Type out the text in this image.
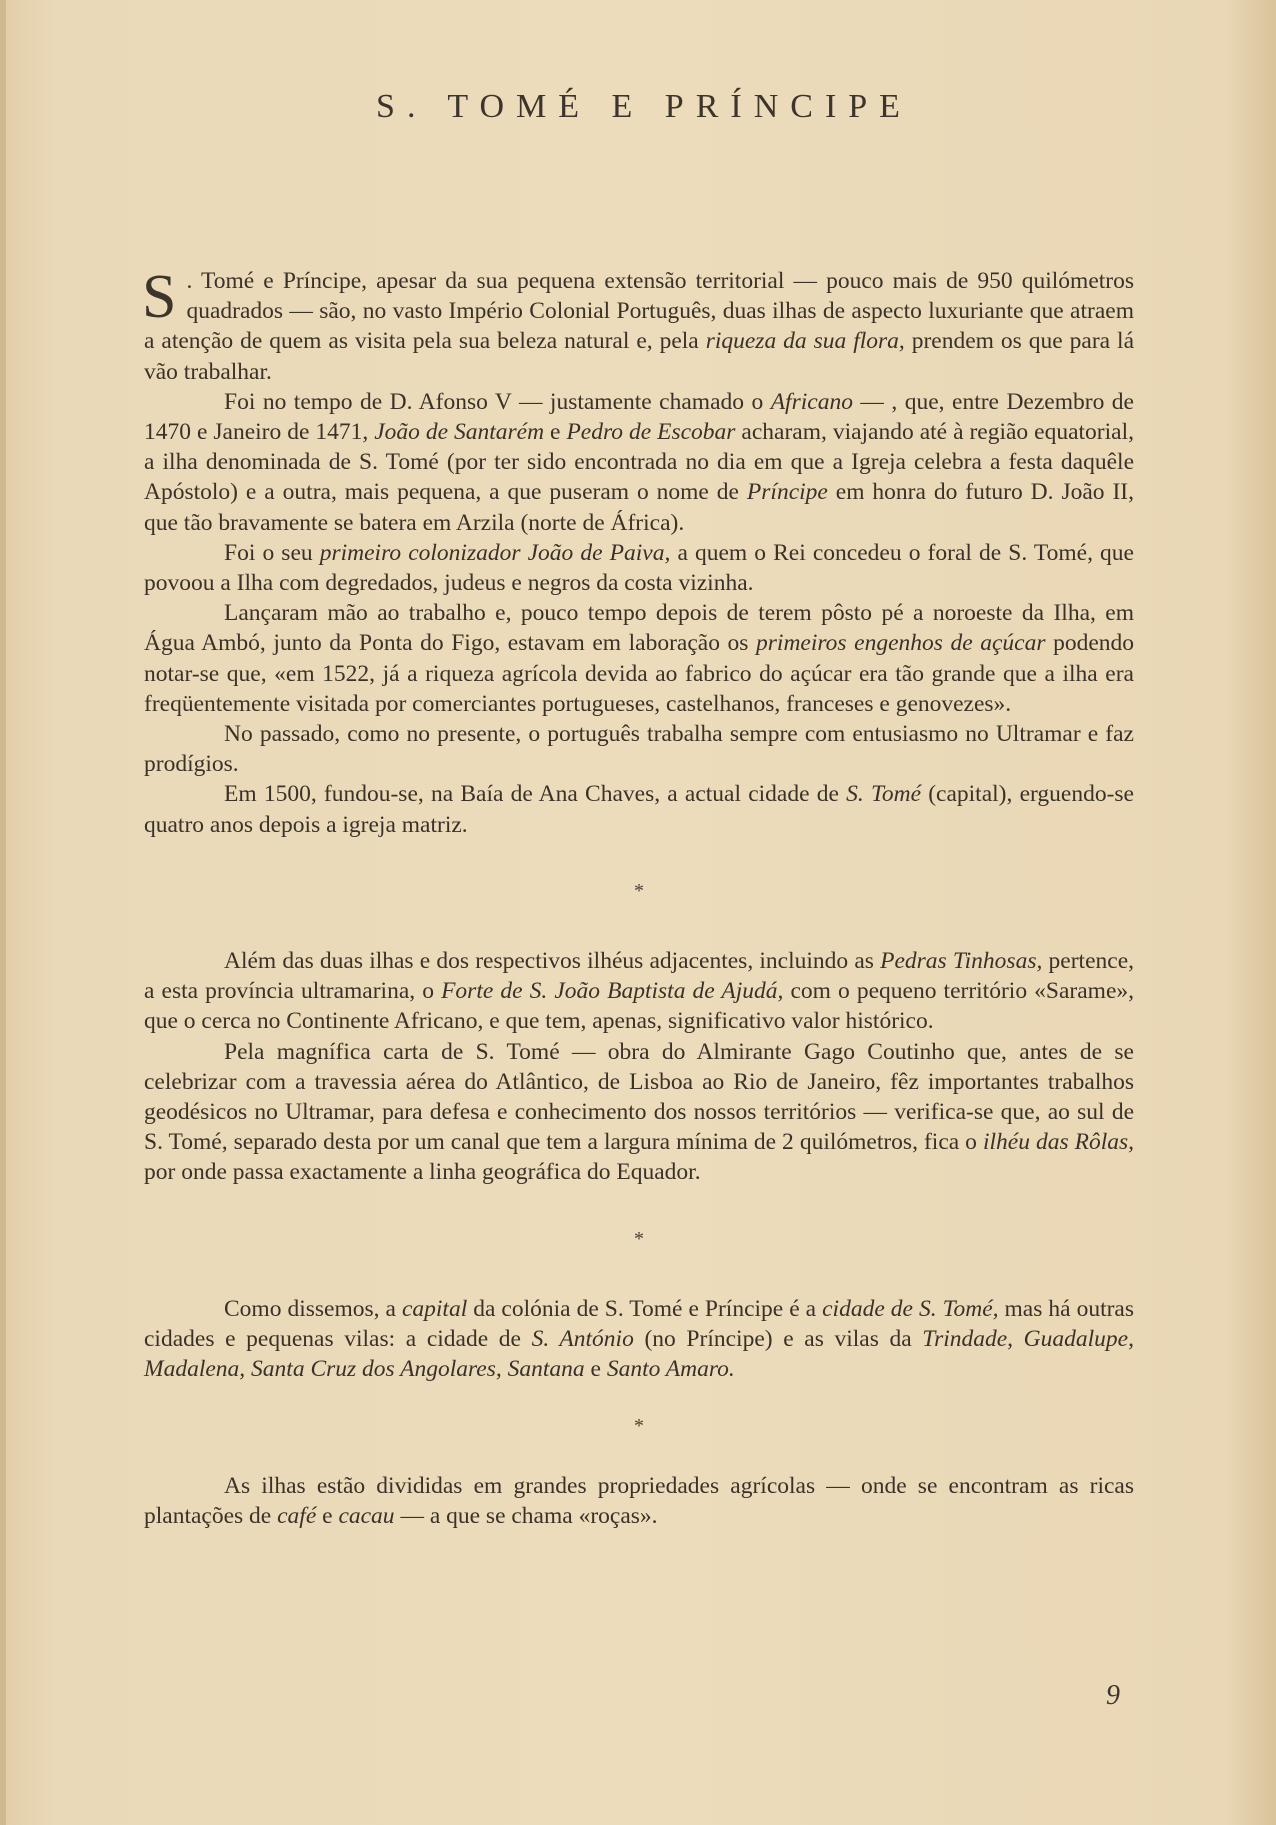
S. TOMÉ E PRÍNCIPE

S . Tomé e Príncipe, apesar da sua pequena extensão territorial — pouco mais de 950 quilómetros quadrados — são, no vasto Império Colonial Português, duas ilhas de aspecto luxuriante que atraem a atenção de quem as visita pela sua beleza natural e, pela riqueza da sua flora, prendem os que para lá vão trabalhar.

Foi no tempo de D. Afonso V — justamente chamado o Africano — , que, entre Dezembro de 1470 e Janeiro de 1471, João de Santarém e Pedro de Escobar acharam, viajando até à região equatorial, a ilha denominada de S. Tomé (por ter sido encontrada no dia em que a Igreja celebra a festa daquêle Apóstolo) e a outra, mais pequena, a que puseram o nome de Príncipe em honra do futuro D. João II, que tão bravamente se batera em Arzila (norte de África).

Foi o seu primeiro colonizador João de Paiva, a quem o Rei concedeu o foral de S. Tomé, que povoou a Ilha com degredados, judeus e negros da costa vizinha.

Lançaram mão ao trabalho e, pouco tempo depois de terem pôsto pé a noroeste da Ilha, em Água Ambó, junto da Ponta do Figo, estavam em laboração os primeiros engenhos de açúcar podendo notar-se que, «em 1522, já a riqueza agrícola devida ao fabrico do açúcar era tão grande que a ilha era freqüentemente visitada por comerciantes portugueses, castelhanos, franceses e genovezes».

No passado, como no presente, o português trabalha sempre com entusiasmo no Ultramar e faz prodígios.

Em 1500, fundou-se, na Baía de Ana Chaves, a actual cidade de S. Tomé (capital), erguendo-se quatro anos depois a igreja matriz.

*

Além das duas ilhas e dos respectivos ilhéus adjacentes, incluindo as Pedras Tinhosas, pertence, a esta província ultramarina, o Forte de S. João Baptista de Ajudá, com o pequeno território «Sarame», que o cerca no Continente Africano, e que tem, apenas, significativo valor histórico.

Pela magnífica carta de S. Tomé — obra do Almirante Gago Coutinho que, antes de se celebrizar com a travessia aérea do Atlântico, de Lisboa ao Rio de Janeiro, fêz importantes trabalhos geodésicos no Ultramar, para defesa e conhecimento dos nossos territórios — verifica-se que, ao sul de S. Tomé, separado desta por um canal que tem a largura mínima de 2 quilómetros, fica o ilhéu das Rôlas, por onde passa exactamente a linha geográfica do Equador.

*

Como dissemos, a capital da colónia de S. Tomé e Príncipe é a cidade de S. Tomé, mas há outras cidades e pequenas vilas: a cidade de S. António (no Príncipe) e as vilas da Trindade, Guadalupe, Madalena, Santa Cruz dos Angolares, Santana e Santo Amaro.

*

As ilhas estão divididas em grandes propriedades agrícolas — onde se encontram as ricas plantações de café e cacau — a que se chama «roças».

9
